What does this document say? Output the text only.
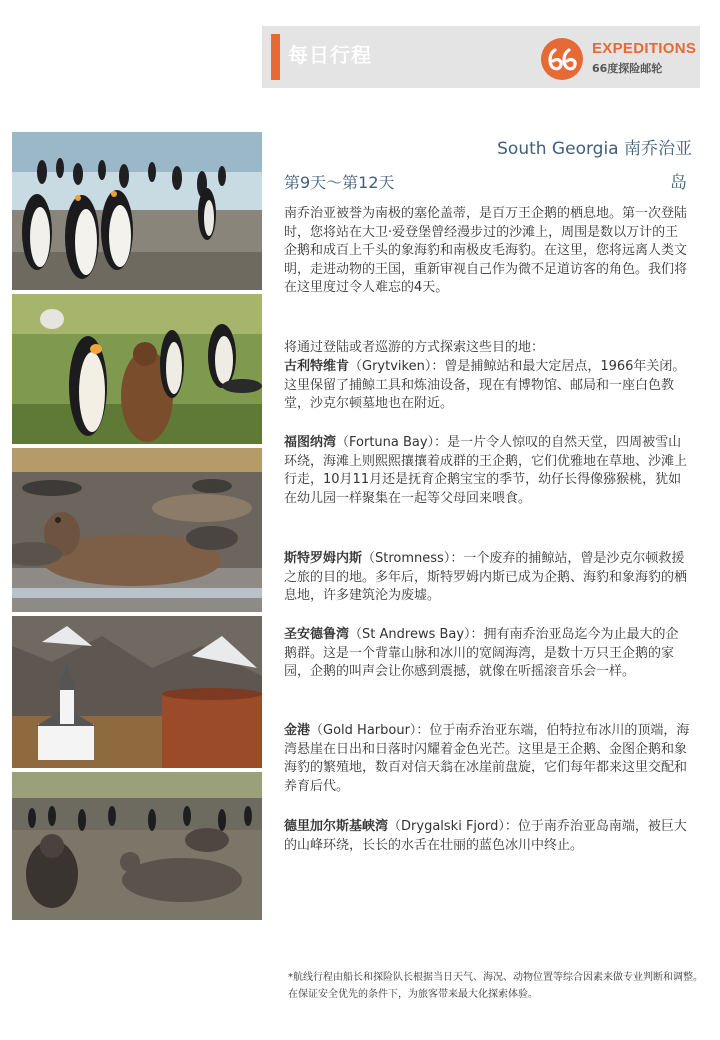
每日行程	EXPEDITIONS
66度探险邮轮
South Georgia 南乔治亚
第9天～第12天	岛
南乔治亚被誉为南极的塞伦盖蒂，是百万王企鹅的栖息地。第一次登陆时，您将站在大卫·爱登堡曾经漫步过的沙滩上，周围是数以万计的王企鹅和成百上千头的象海豹和南极皮毛海豹。在这里，您将远离人类文明，走进动物的王国，重新审视自己作为微不足道访客的角色。我们将在这里度过令人难忘的4天。
将通过登陆或者巡游的方式探索这些目的地：
古利特维肯（Grytviken）：曾是捕鲸站和最大定居点，1966年关闭。这里保留了捕鲸工具和炼油设备，现在有博物馆、邮局和一座白色教堂，沙克尔顿墓地也在附近。
福图纳湾（Fortuna Bay）：是一片令人惊叹的自然天堂，四周被雪山环绕，海滩上则熙熙攘攘着成群的王企鹅，它们优雅地在草地、沙滩上行走，10月11月还是抚育企鹅宝宝的季节，幼仔长得像猕猴桃，犹如在幼儿园一样聚集在一起等父母回来喂食。
斯特罗姆内斯（Stromness）：一个废弃的捕鲸站，曾是沙克尔顿救援之旅的目的地。多年后，斯特罗姆内斯已成为企鹅、海豹和象海豹的栖息地，许多建筑沦为废墟。
圣安德鲁湾（St Andrews Bay）：拥有南乔治亚岛迄今为止最大的企鹅群。这是一个背靠山脉和冰川的宽阔海湾，是数十万只王企鹅的家园，企鹅的叫声会让你感到震撼，就像在听摇滚音乐会一样。
金港（Gold Harbour）：位于南乔治亚东端，伯特拉布冰川的顶端，海湾悬崖在日出和日落时闪耀着金色光芒。这里是王企鹅、金图企鹅和象海豹的繁殖地，数百对信天翁在冰崖前盘旋，它们每年都来这里交配和养育后代。
德里加尔斯基峡湾（Drygalski Fjord）：位于南乔治亚岛南端，被巨大的山峰环绕，长长的水舌在壮丽的蓝色冰川中终止。
*航线行程由船长和探险队长根据当日天气、海况、动物位置等综合因素来做专业判断和调整。在保证安全优先的条件下，为旅客带来最大化探索体验。
